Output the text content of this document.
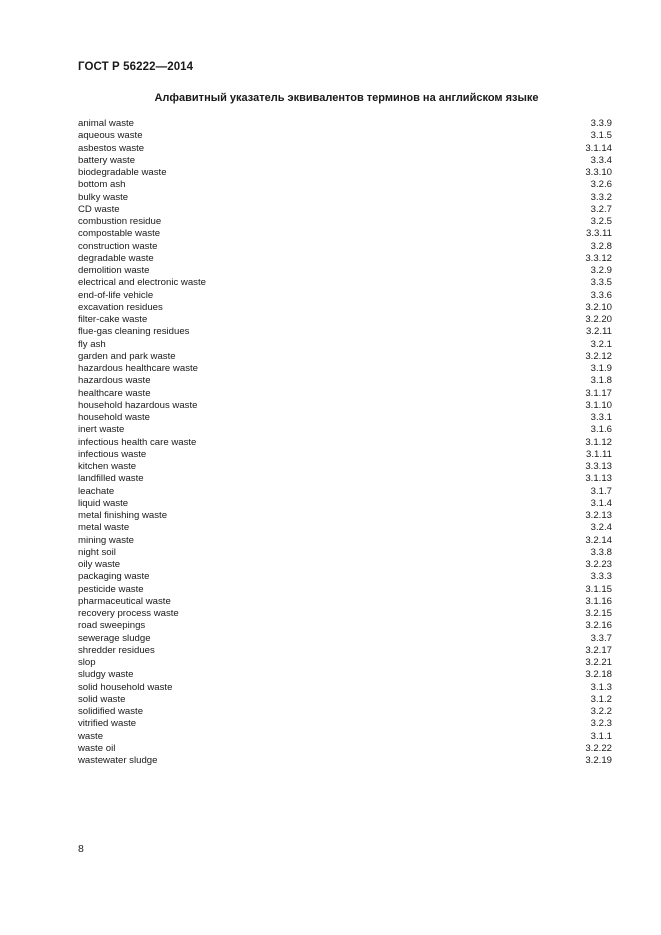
ГОСТ Р 56222—2014
Алфавитный указатель эквивалентов терминов на английском языке
animal waste	3.3.9
aqueous waste	3.1.5
asbestos waste	3.1.14
battery waste	3.3.4
biodegradable waste	3.3.10
bottom ash	3.2.6
bulky waste	3.3.2
CD waste	3.2.7
combustion residue	3.2.5
compostable waste	3.3.11
construction waste	3.2.8
degradable waste	3.3.12
demolition waste	3.2.9
electrical and electronic waste	3.3.5
end-of-life vehicle	3.3.6
excavation residues	3.2.10
filter-cake waste	3.2.20
flue-gas cleaning residues	3.2.11
fly ash	3.2.1
garden and park waste	3.2.12
hazardous healthcare waste	3.1.9
hazardous waste	3.1.8
healthcare waste	3.1.17
household hazardous waste	3.1.10
household waste	3.3.1
inert waste	3.1.6
infectious health care waste	3.1.12
infectious waste	3.1.11
kitchen waste	3.3.13
landfilled waste	3.1.13
leachate	3.1.7
liquid waste	3.1.4
metal finishing waste	3.2.13
metal waste	3.2.4
mining waste	3.2.14
night soil	3.3.8
oily waste	3.2.23
packaging waste	3.3.3
pesticide waste	3.1.15
pharmaceutical waste	3.1.16
recovery process waste	3.2.15
road sweepings	3.2.16
sewerage sludge	3.3.7
shredder residues	3.2.17
slop	3.2.21
sludgy waste	3.2.18
solid household waste	3.1.3
solid waste	3.1.2
solidified waste	3.2.2
vitrified waste	3.2.3
waste	3.1.1
waste oil	3.2.22
wastewater sludge	3.2.19
8
